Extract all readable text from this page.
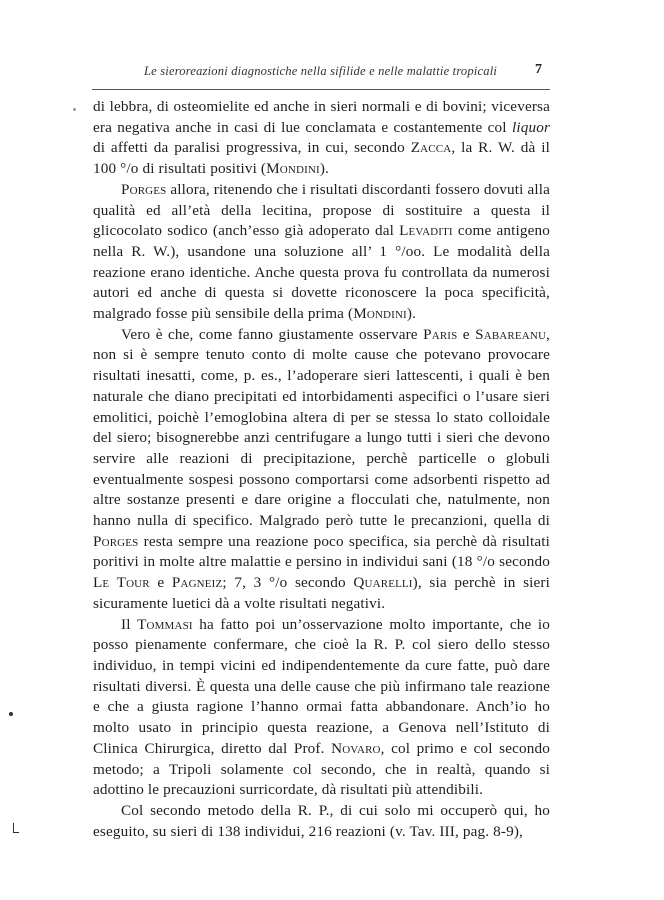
Le sieroreazioni diagnostiche nella sifilide e nelle malattie tropicali	7

di lebbra, di osteomielite ed anche in sieri normali e di bovini; viceversa era negativa anche in casi di lue conclamata e costantemente col liquor di affetti da paralisi progressiva, in cui, secondo Zacca, la R. W. dà il 100 °/o di risultati positivi (Mondini).

Porges allora, ritenendo che i risultati discordanti fossero dovuti alla qualità ed all’età della lecitina, propose di sostituire a questa il glicocolato sodico (anch’esso già adoperato dal Levaditi come antigeno nella R. W.), usandone una soluzione all’ 1 °/oo. Le modalità della reazione erano identiche. Anche questa prova fu controllata da numerosi autori ed anche di questa si dovette riconoscere la poca specificità, malgrado fosse più sensibile della prima (Mondini).

Vero è che, come fanno giustamente osservare Paris e Sabareanu, non si è sempre tenuto conto di molte cause che potevano provocare risultati inesatti, come, p. es., l’adoperare sieri lattescenti, i quali è ben naturale che diano precipitati ed intorbidamenti aspecifici o l’usare sieri emolitici, poichè l’emoglobina altera di per se stessa lo stato colloidale del siero; bisognerebbe anzi centrifugare a lungo tutti i sieri che devono servire alle reazioni di precipitazione, perchè particelle o globuli eventualmente sospesi possono comportarsi come adsorbenti rispetto ad altre sostanze presenti e dare origine a flocculati che, natulmente, non hanno nulla di specifico. Malgrado però tutte le precanzioni, quella di Porges resta sempre una reazione poco specifica, sia perchè dà risultati poritivi in molte altre malattie e persino in individui sani (18 °/o secondo Le Tour e Pagneiz; 7, 3 °/o secondo Quarelli), sia perchè in sieri sicuramente luetici dà a volte risultati negativi.

Il Tommasi ha fatto poi un’osservazione molto importante, che io posso pienamente confermare, che cioè la R. P. col siero dello stesso individuo, in tempi vicini ed indipendentemente da cure fatte, può dare risultati diversi. È questa una delle cause che più infirmano tale reazione e che a giusta ragione l’hanno ormai fatta abbandonare. Anch’io ho molto usato in principio questa reazione, a Genova nell’Istituto di Clinica Chirurgica, diretto dal Prof. Novaro, col primo e col secondo metodo; a Tripoli solamente col secondo, che in realtà, quando si adottino le precauzioni surricordate, dà risultati più attendibili.

Col secondo metodo della R. P., di cui solo mi occuperò qui, ho eseguito, su sieri di 138 individui, 216 reazioni (v. Tav. III, pag. 8-9),
